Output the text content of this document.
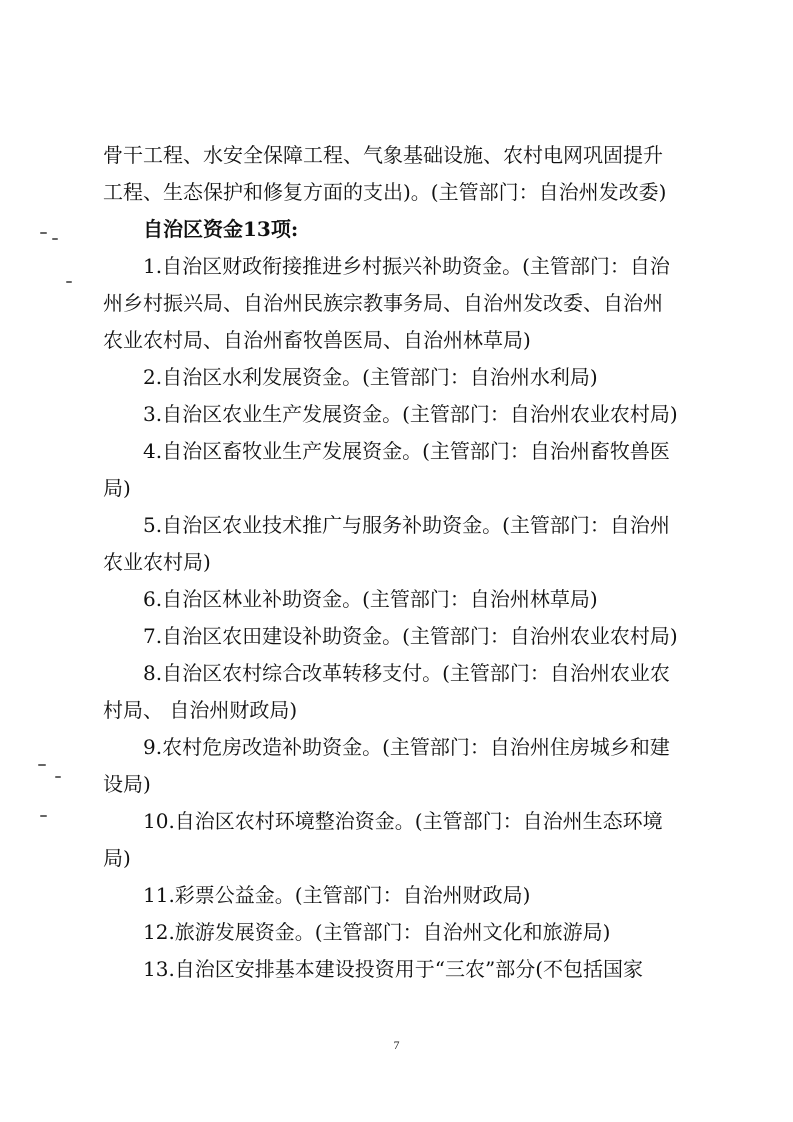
骨干工程、水安全保障工程、气象基础设施、农村电网巩固提升
工程、生态保护和修复方面的支出)。(主管部门：自治州发改委)

自治区资金13项:

1.自治区财政衔接推进乡村振兴补助资金。(主管部门：自治
州乡村振兴局、自治州民族宗教事务局、自治州发改委、自治州
农业农村局、自治州畜牧兽医局、自治州林草局)

2.自治区水利发展资金。(主管部门：自治州水利局)

3.自治区农业生产发展资金。(主管部门：自治州农业农村局)

4.自治区畜牧业生产发展资金。(主管部门：自治州畜牧兽医
局)

5.自治区农业技术推广与服务补助资金。(主管部门：自治州
农业农村局)

6.自治区林业补助资金。(主管部门：自治州林草局)

7.自治区农田建设补助资金。(主管部门：自治州农业农村局)

8.自治区农村综合改革转移支付。(主管部门：自治州农业农
村局、 自治州财政局)

9.农村危房改造补助资金。(主管部门：自治州住房城乡和建
设局)

10.自治区农村环境整治资金。(主管部门：自治州生态环境
局)

11.彩票公益金。(主管部门：自治州财政局)

12.旅游发展资金。(主管部门：自治州文化和旅游局)

13.自治区安排基本建设投资用于“三农”部分(不包括国家

7
